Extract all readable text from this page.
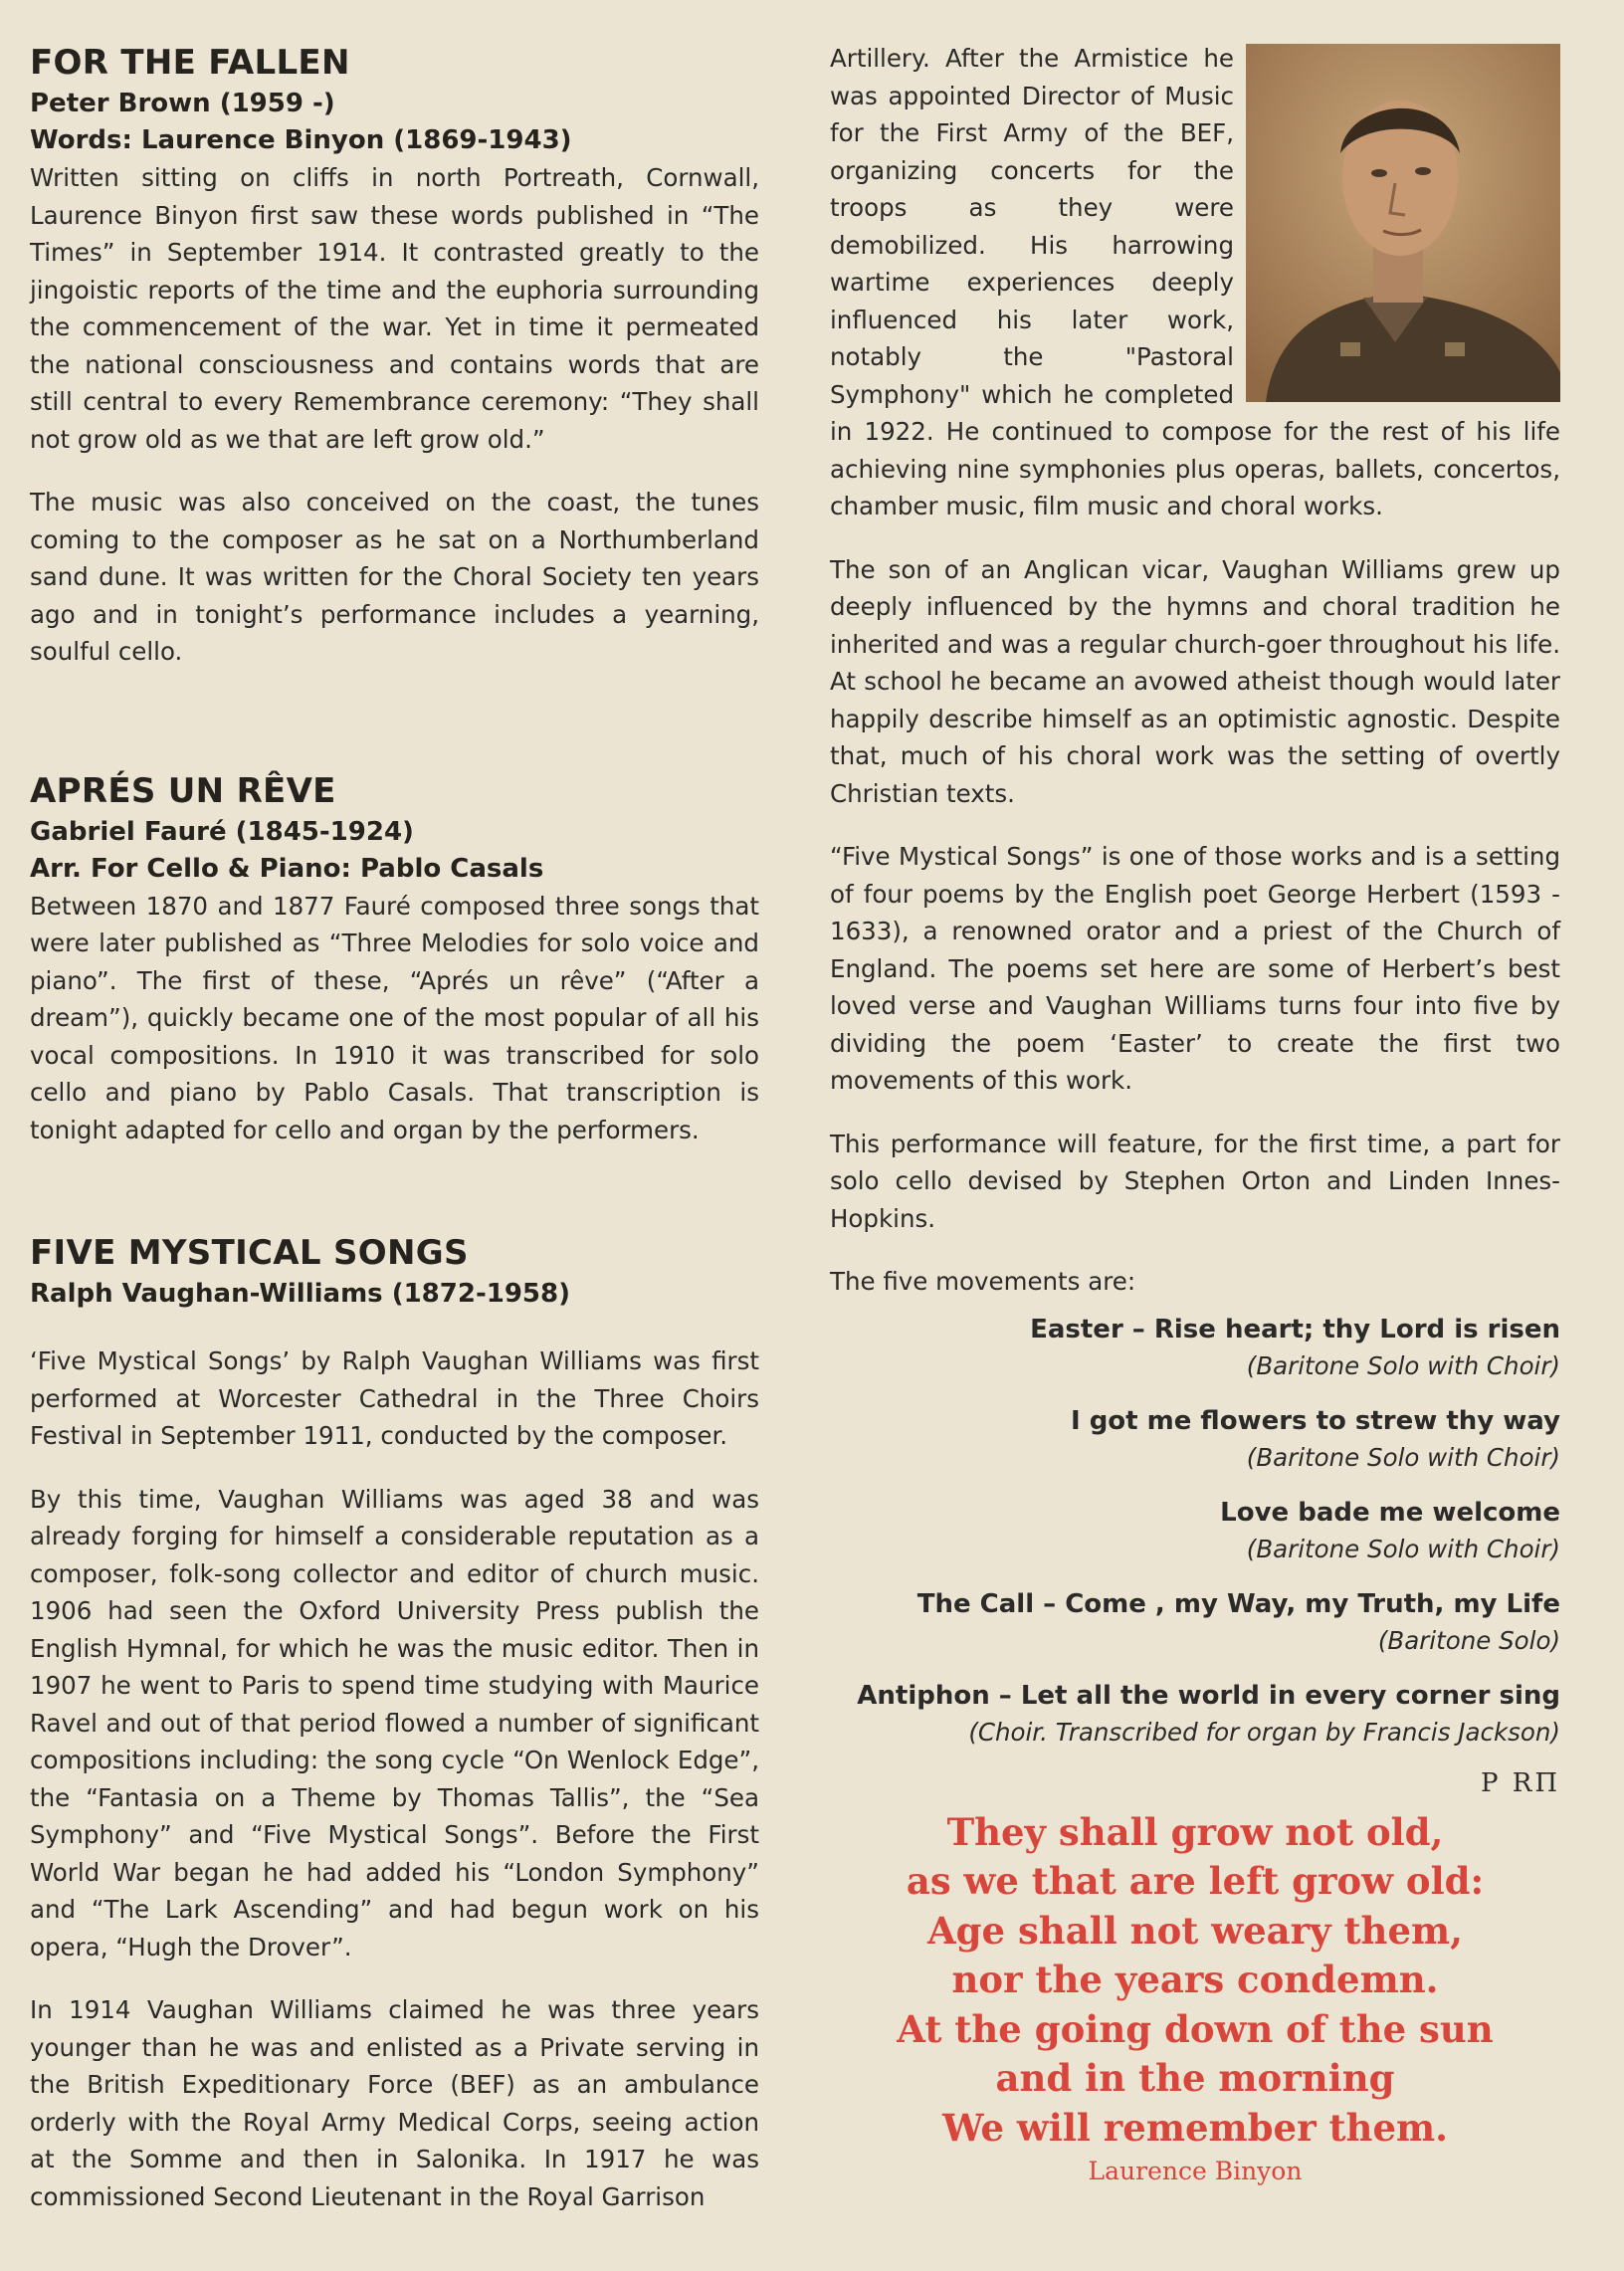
FOR THE FALLEN

Peter Brown (1959 -)

Words: Laurence Binyon (1869-1943)

Written sitting on cliffs in north Portreath, Cornwall, Laurence Binyon first saw these words published in “The Times” in September 1914. It contrasted greatly to the jingoistic reports of the time and the euphoria surrounding the commencement of the war. Yet in time it permeated the national consciousness and contains words that are still central to every Remembrance ceremony: “They shall not grow old as we that are left grow old.”

The music was also conceived on the coast, the tunes coming to the composer as he sat on a Northumberland sand dune. It was written for the Choral Society ten years ago and in tonight’s performance includes a yearning, soulful cello.

APRÉS UN RÊVE

Gabriel Fauré (1845-1924)

Arr. For Cello & Piano: Pablo Casals

Between 1870 and 1877 Fauré composed three songs that were later published as “Three Melodies for solo voice and piano”. The first of these, “Aprés un rêve” (“After a dream”), quickly became one of the most popular of all his vocal compositions. In 1910 it was transcribed for solo cello and piano by Pablo Casals. That transcription is tonight adapted for cello and organ by the performers.

FIVE MYSTICAL SONGS

Ralph Vaughan-Williams (1872-1958)

‘Five Mystical Songs’ by Ralph Vaughan Williams was first performed at Worcester Cathedral in the Three Choirs Festival in September 1911, conducted by the composer.

By this time, Vaughan Williams was aged 38 and was already forging for himself a considerable reputation as a composer, folk-song collector and editor of church music. 1906 had seen the Oxford University Press publish the English Hymnal, for which he was the music editor. Then in 1907 he went to Paris to spend time studying with Maurice Ravel and out of that period flowed a number of significant compositions including: the song cycle “On Wenlock Edge”, the “Fantasia on a Theme by Thomas Tallis”, the “Sea Symphony” and “Five Mystical Songs”. Before the First World War began he had added his “London Symphony” and “The Lark Ascending” and had begun work on his opera, “Hugh the Drover”.

In 1914 Vaughan Williams claimed he was three years younger than he was and enlisted as a Private serving in the British Expeditionary Force (BEF) as an ambulance orderly with the Royal Army Medical Corps, seeing action at the Somme and then in Salonika. In 1917 he was commissioned Second Lieutenant in the Royal Garrison

Artillery. After the Armistice he was appointed Director of Music for the First Army of the BEF, organizing concerts for the troops as they were demobilized. His harrowing wartime experiences deeply influenced his later work, notably the "Pastoral Symphony" which he completed in 1922. He continued to compose for the rest of his life achieving nine symphonies plus operas, ballets, concertos, chamber music, film music and choral works.

The son of an Anglican vicar, Vaughan Williams grew up deeply influenced by the hymns and choral tradition he inherited and was a regular church-goer throughout his life. At school he became an avowed atheist though would later happily describe himself as an optimistic agnostic. Despite that, much of his choral work was the setting of overtly Christian texts.

“Five Mystical Songs” is one of those works and is a setting of four poems by the English poet George Herbert (1593 - 1633), a renowned orator and a priest of the Church of England. The poems set here are some of Herbert’s best loved verse and Vaughan Williams turns four into five by dividing the poem ‘Easter’ to create the first two movements of this work.

This performance will feature, for the first time, a part for solo cello devised by Stephen Orton and Linden Innes-Hopkins.

The five movements are:

Easter – Rise heart; thy Lord is risen
(Baritone Solo with Choir)
I got me flowers to strew thy way
(Baritone Solo with Choir)
Love bade me welcome
(Baritone Solo with Choir)
The Call – Come , my Way, my Truth, my Life
(Baritone Solo)
Antiphon – Let all the world in every corner sing
(Choir. Transcribed for organ by Francis Jackson)
P RП
They shall grow not old,
as we that are left grow old:
Age shall not weary them,
nor the years condemn.
At the going down of the sun
and in the morning
We will remember them.
Laurence Binyon
